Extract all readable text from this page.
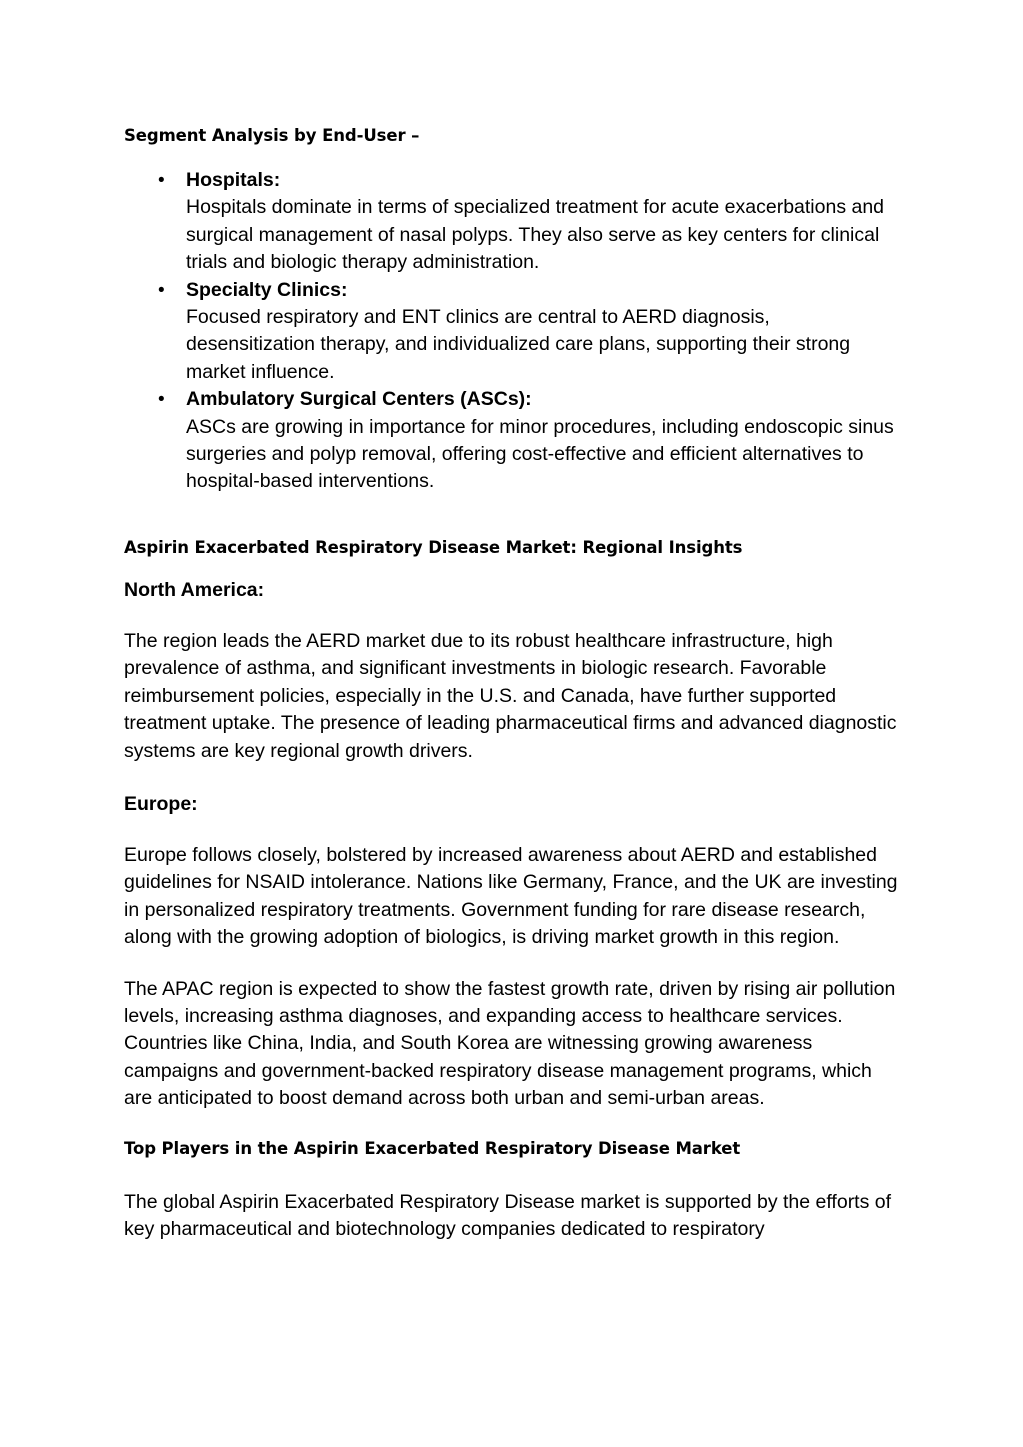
Segment Analysis by End-User –

• Hospitals:
Hospitals dominate in terms of specialized treatment for acute exacerbations and surgical management of nasal polyps. They also serve as key centers for clinical trials and biologic therapy administration.
• Specialty Clinics:
Focused respiratory and ENT clinics are central to AERD diagnosis, desensitization therapy, and individualized care plans, supporting their strong market influence.
• Ambulatory Surgical Centers (ASCs):
ASCs are growing in importance for minor procedures, including endoscopic sinus surgeries and polyp removal, offering cost-effective and efficient alternatives to hospital-based interventions.

Aspirin Exacerbated Respiratory Disease Market: Regional Insights

North America:

The region leads the AERD market due to its robust healthcare infrastructure, high prevalence of asthma, and significant investments in biologic research. Favorable reimbursement policies, especially in the U.S. and Canada, have further supported treatment uptake. The presence of leading pharmaceutical firms and advanced diagnostic systems are key regional growth drivers.

Europe:

Europe follows closely, bolstered by increased awareness about AERD and established guidelines for NSAID intolerance. Nations like Germany, France, and the UK are investing in personalized respiratory treatments. Government funding for rare disease research, along with the growing adoption of biologics, is driving market growth in this region.

The APAC region is expected to show the fastest growth rate, driven by rising air pollution levels, increasing asthma diagnoses, and expanding access to healthcare services. Countries like China, India, and South Korea are witnessing growing awareness campaigns and government-backed respiratory disease management programs, which are anticipated to boost demand across both urban and semi-urban areas.

Top Players in the Aspirin Exacerbated Respiratory Disease Market

The global Aspirin Exacerbated Respiratory Disease market is supported by the efforts of key pharmaceutical and biotechnology companies dedicated to respiratory
